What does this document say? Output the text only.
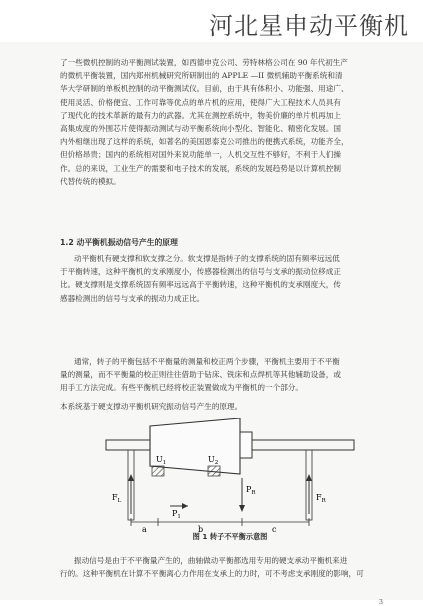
河北星申动平衡机
了一些微机控制的动平衡测试装置，如西德申克公司、劳特林格公司在 90 年代初生产
的微机平衡装置，国内郑州机械研究所研制出的 APPLE —II 微机辅助平衡系统和清
华大学研制的单板机控制的动平衡测试仪。目前，由于具有体积小、功能强、用途广、
使用灵活、价格便宜、工作可靠等优点的单片机的应用，使得广大工程技术人员具有
了现代化的技术革新的最有力的武器。尤其在测控系统中，物美价廉的单片机再加上
高集成度的外围芯片使得振动测试与动平衡系统向小型化、智能化、精密化发展。国
内外相继出现了这样的系统，如著名的美国恩泰克公司推出的便携式系统，功能齐全，
但价格昂贵；国内的系统相对国外来说功能单一，人机交互性不够好，不利于人们操
作。总的来说，工业生产的需要和电子技术的发展，系统的发展趋势是以计算机控制
代替传统的模拟。
1.2 动平衡机振动信号产生的原理
动平衡机有硬支撑和软支撑之分。软支撑是指转子的支撑系统的固有频率远远低
于平衡转速，这种平衡机的支承刚度小，传感器检测出的信号与支承的振动位移成正
比。硬支撑则是支撑系统固有频率远远高于平衡转速，这种平衡机的支承刚度大，传
感器检测出的信号与支承的振动力成正比。
通常，转子的平衡包括不平衡量的测量和校正两个步骤，平衡机主要用于不平衡
量的测量，而不平衡量的校正则往往借助于钻床、铣床和点焊机等其他辅助设备，或
用手工方法完成。有些平衡机已经将校正装置做成为平衡机的一个部分。
本系统基于硬支撑动平衡机研究振动信号产生的原理。
$F_L$	$F_R$
$U_1$	$U_2$
$P_1$
$P_R$
a	b	c
图 1 转子不平衡示意图
振动信号是由于不平衡量产生的，曲轴做动平衡都选用专用的硬支承动平衡机来进
行的。这种平衡机在计算不平衡离心力作用在支承上的力时，可不考虑支承刚度的影响，可
3
